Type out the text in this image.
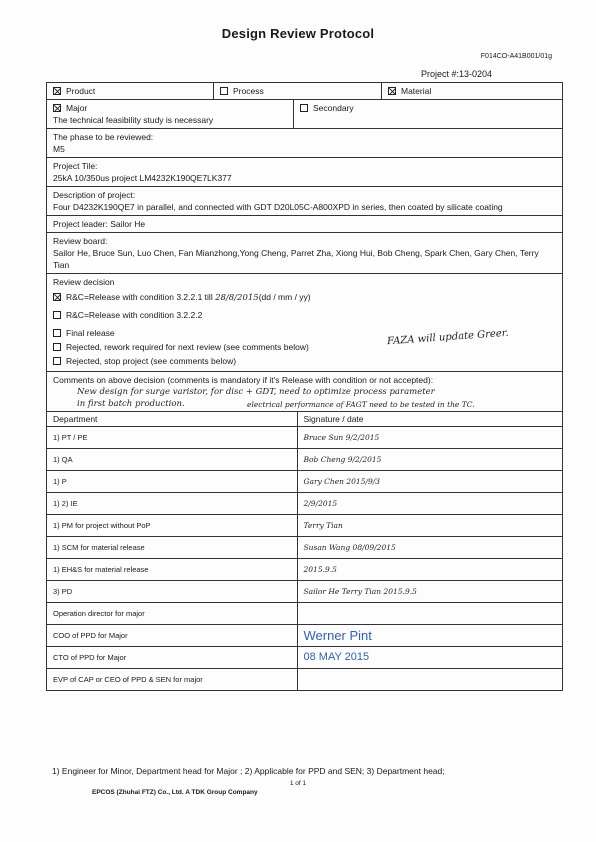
Design Review Protocol
F014CO-A41B001/01g
Project #:13-0204
Product	Process	Material
Major
The technical feasibility study is necessary
Secondary
The phase to be reviewed:
M5
Project Tile:
25kA 10/350us project LM4232K190QE7LK377
Description of project:
Four D4232K190QE7 in parallel, and connected with GDT D20L05C-A800XPD in series, then coated by silicate coating
Project leader: Sailor He
Review board:
Sailor He, Bruce Sun, Luo Chen, Fan Mianzhong,Yong Cheng, Parret Zha, Xiong Hui, Bob Cheng, Spark Chen, Gary Chen, Terry Tian
Review decision
R&C=Release with condition 3.2.2.1 till 28/8/2015(dd / mm / yy)
R&C=Release with condition 3.2.2.2
Final release
Rejected, rework required for next review (see comments below)
Rejected, stop project (see comments below)
FAZA will update Greer.
Comments on above decision (comments is mandatory if it's Release with condition or not accepted):
New design for surge varistor, for disc + GDT, need to optimize process parameter
in first batch production.	electrical performance of FAGT need to be tested in the TC.
Department	Signature / date
1) PT / PE	Bruce Sun 9/2/2015
1) QA	Bob Cheng 9/2/2015
1) P	Gary Chen 2015/9/3
1) 2) IE	2/9/2015
1) PM for project without PoP	Terry Tian
1) SCM for material release	Susan Wang 08/09/2015
1) EH&S for material release	2015.9.5
3) PD	Sailor He Terry Tian 2015.9.5
Operation director for major	
COO of PPD for Major	Werner Pint
CTO of PPD for Major	08 MAY 2015
EVP of CAP or CEO of PPD & SEN for major	
1) Engineer for Minor, Department head for Major ; 2) Applicable for PPD and SEN; 3) Department head;
1 of 1
EPCOS (Zhuhai FTZ) Co., Ltd. A TDK Group Company
